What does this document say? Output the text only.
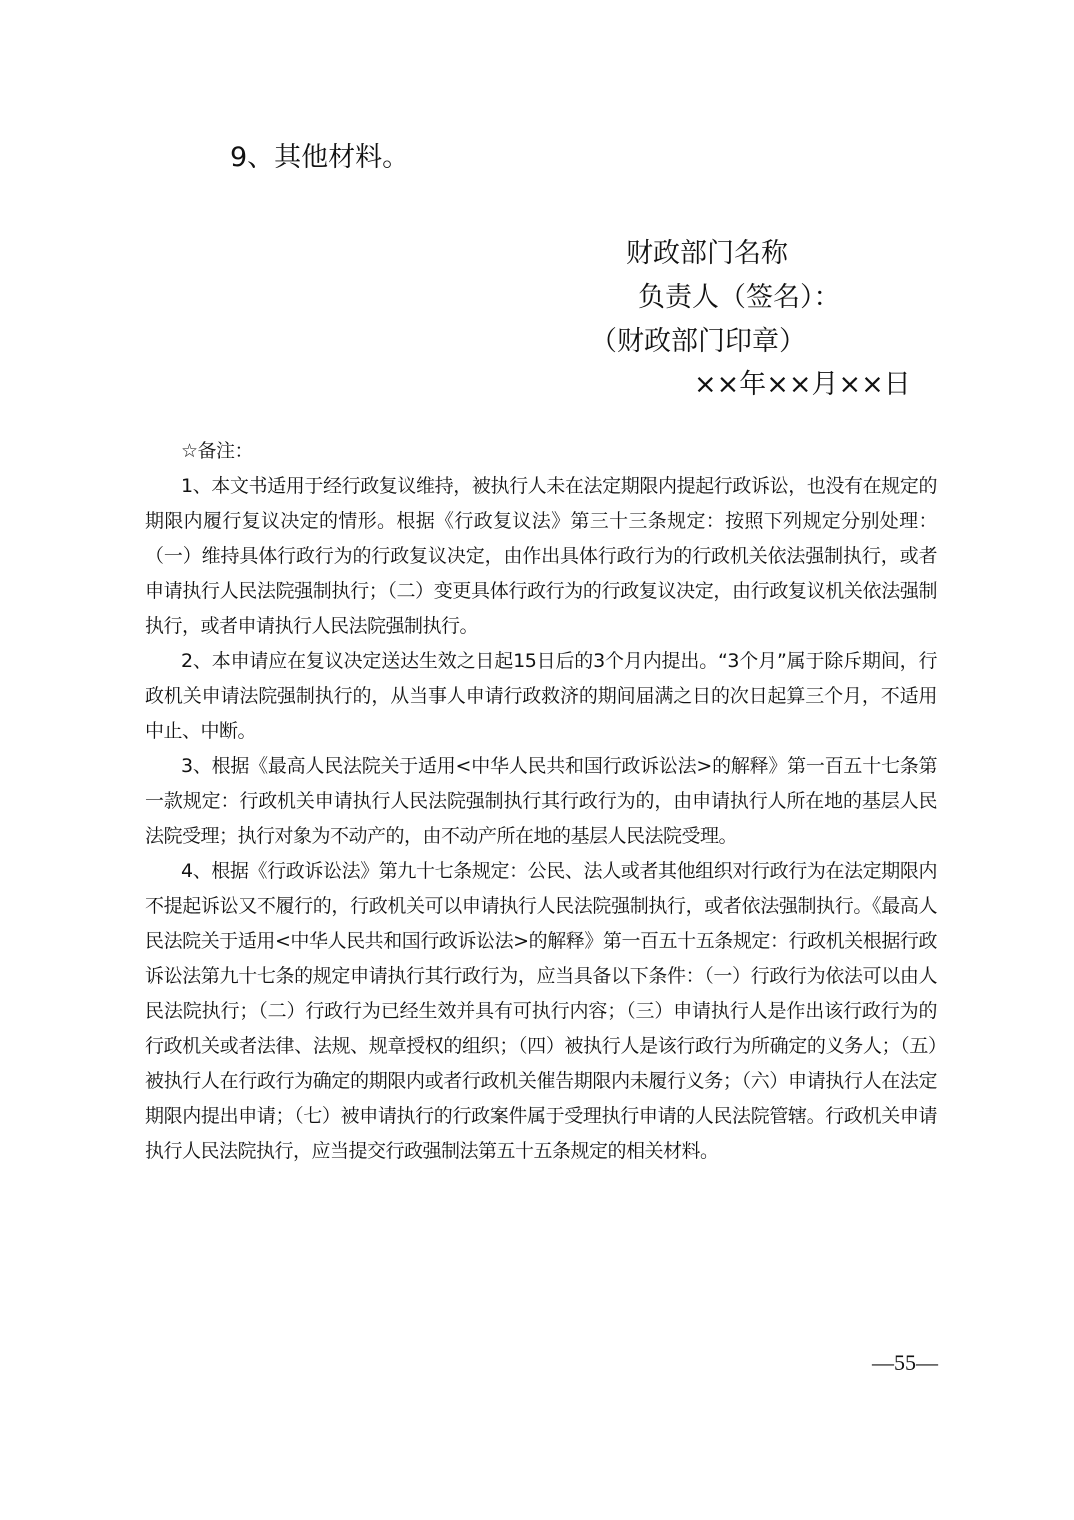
9、其他材料。
财政部门名称
负责人（签名）：
（财政部门印章）
××年××月××日

☆备注：

1、本文书适用于经行政复议维持，被执行人未在法定期限内提起行政诉讼，也没有在规定的期限内履行复议决定的情形。根据《行政复议法》第三十三条规定：按照下列规定分别处理：（一）维持具体行政行为的行政复议决定，由作出具体行政行为的行政机关依法强制执行，或者申请执行人民法院强制执行；（二）变更具体行政行为的行政复议决定，由行政复议机关依法强制执行，或者申请执行人民法院强制执行。

2、本申请应在复议决定送达生效之日起15日后的3个月内提出。“3个月”属于除斥期间，行政机关申请法院强制执行的，从当事人申请行政救济的期间届满之日的次日起算三个月，不适用中止、中断。

3、根据《最高人民法院关于适用<中华人民共和国行政诉讼法>的解释》第一百五十七条第一款规定：行政机关申请执行人民法院强制执行其行政行为的，由申请执行人所在地的基层人民法院受理；执行对象为不动产的，由不动产所在地的基层人民法院受理。

4、根据《行政诉讼法》第九十七条规定：公民、法人或者其他组织对行政行为在法定期限内不提起诉讼又不履行的，行政机关可以申请执行人民法院强制执行，或者依法强制执行。《最高人民法院关于适用<中华人民共和国行政诉讼法>的解释》第一百五十五条规定：行政机关根据行政诉讼法第九十七条的规定申请执行其行政行为，应当具备以下条件：（一）行政行为依法可以由人民法院执行；（二）行政行为已经生效并具有可执行内容；（三）申请执行人是作出该行政行为的行政机关或者法律、法规、规章授权的组织；（四）被执行人是该行政行为所确定的义务人；（五）被执行人在行政行为确定的期限内或者行政机关催告期限内未履行义务；（六）申请执行人在法定期限内提出申请；（七）被申请执行的行政案件属于受理执行申请的人民法院管辖。行政机关申请执行人民法院执行，应当提交行政强制法第五十五条规定的相关材料。

—55—
